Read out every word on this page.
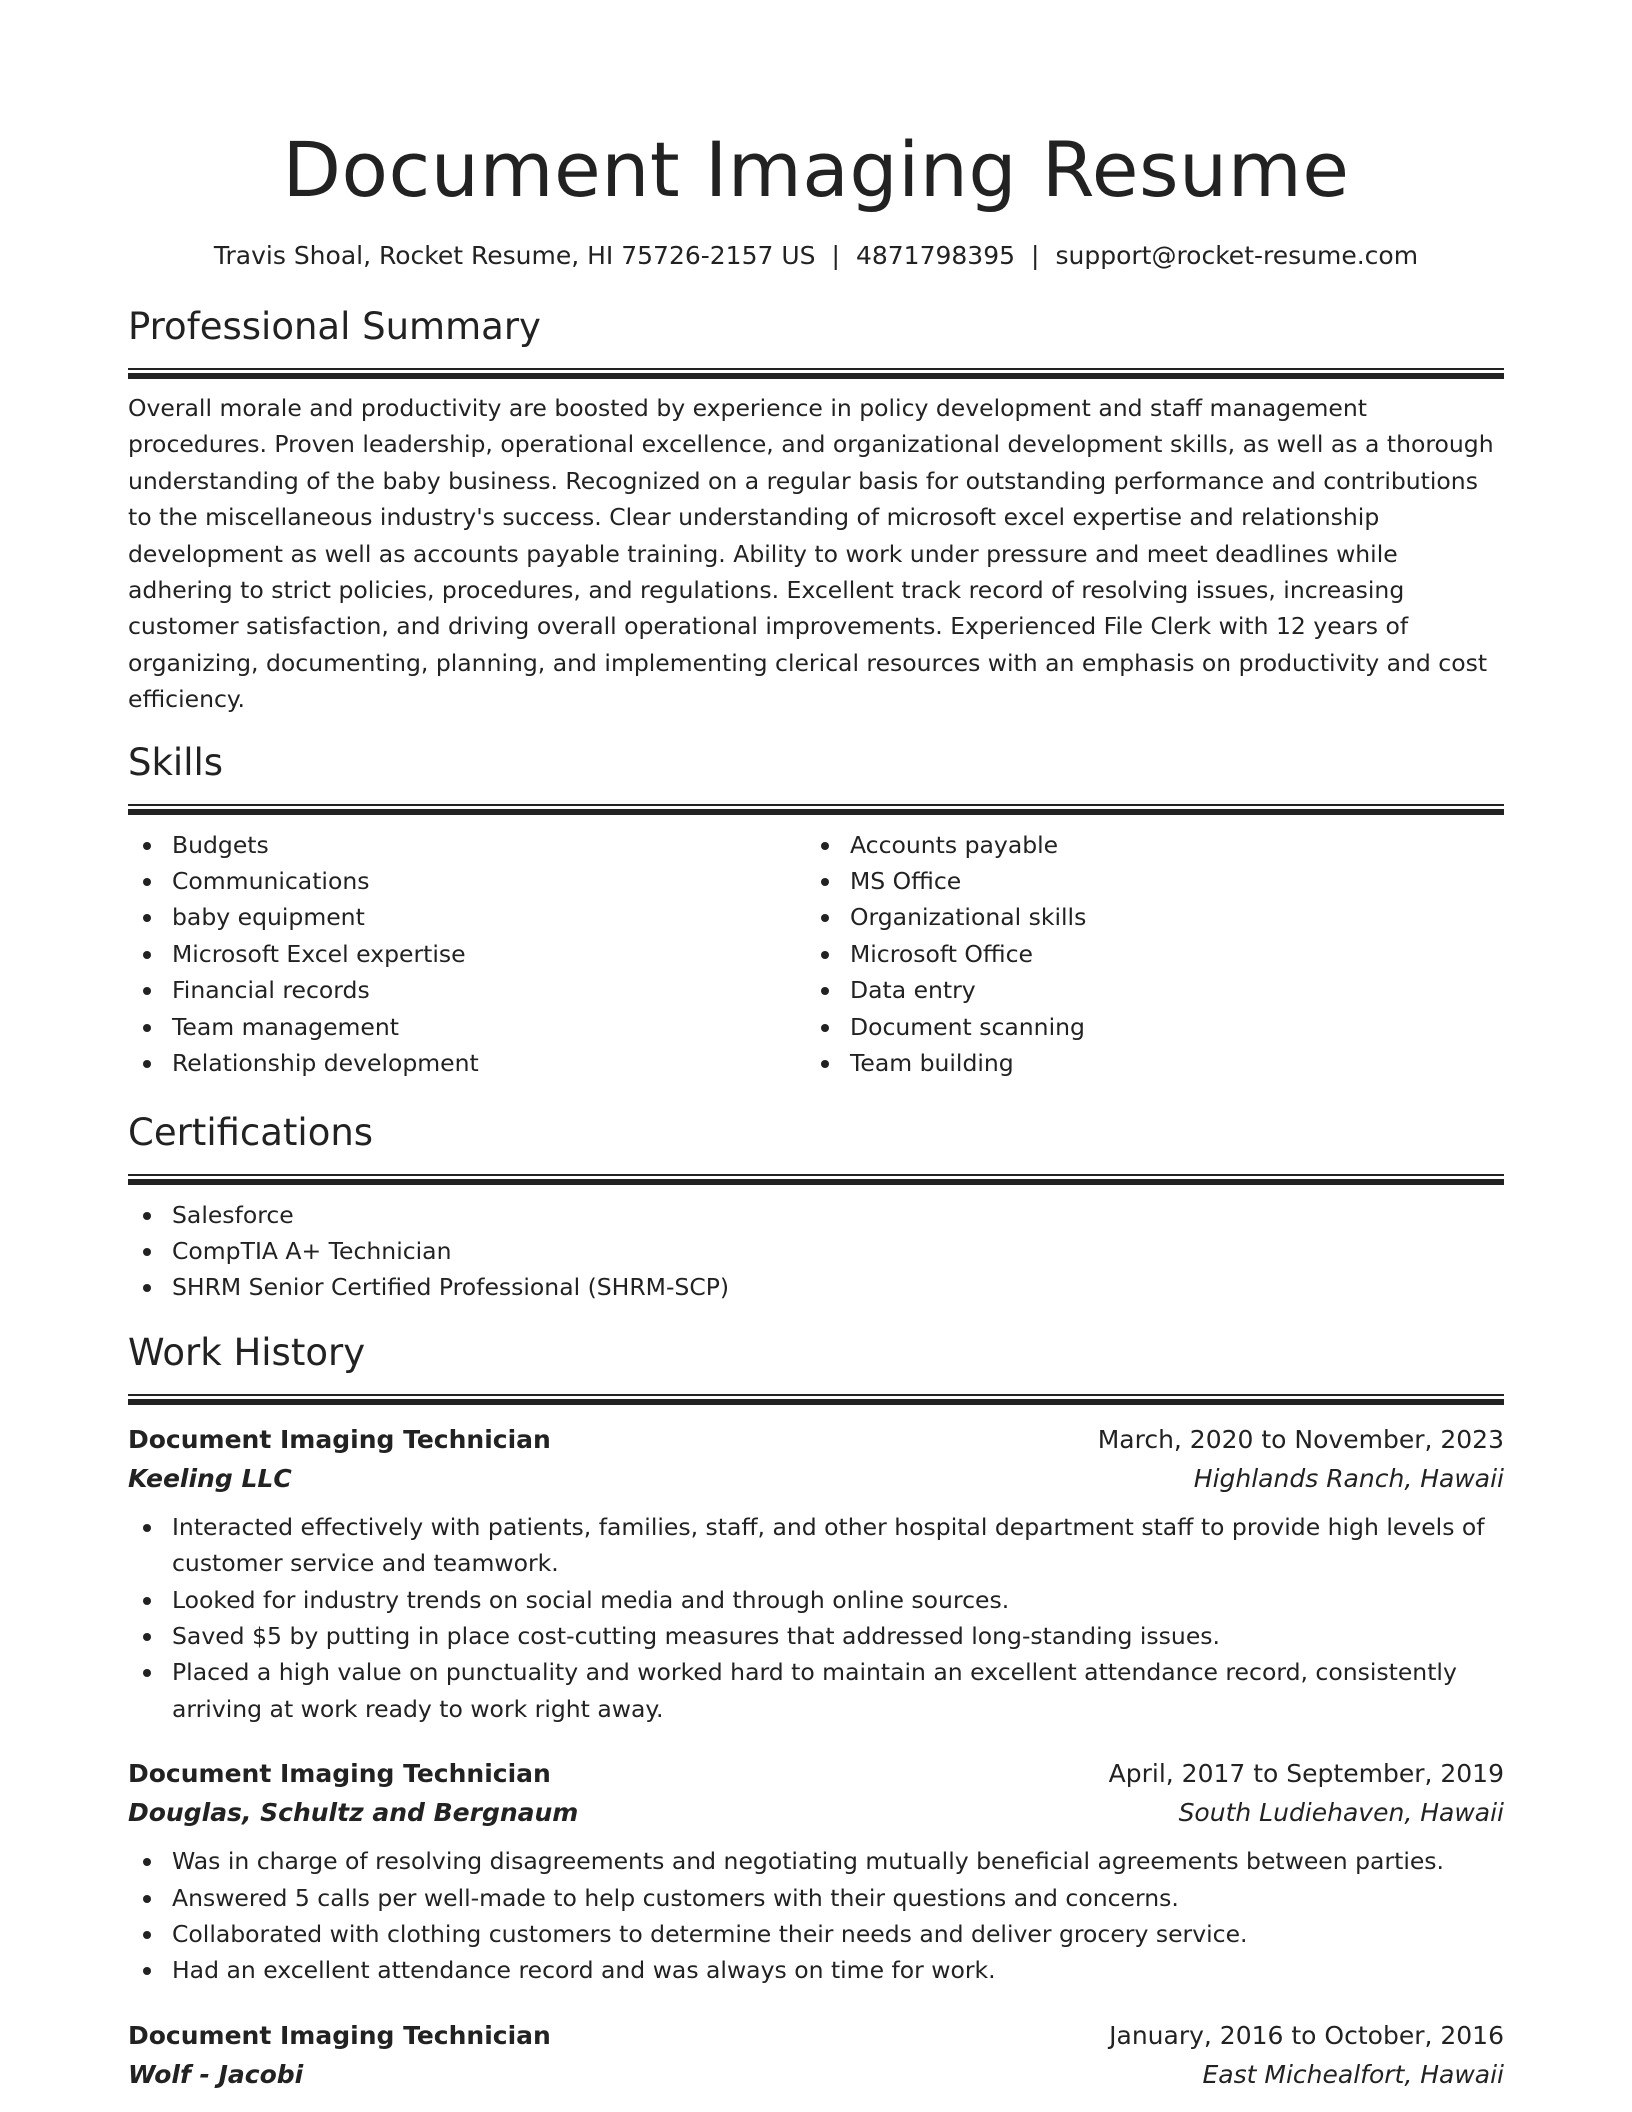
Document Imaging Resume
Travis Shoal, Rocket Resume, HI 75726-2157 US | 4871798395 | support@rocket-resume.com
Professional Summary

Overall morale and productivity are boosted by experience in policy development and staff management procedures. Proven leadership, operational excellence, and organizational development skills, as well as a thorough understanding of the baby business. Recognized on a regular basis for outstanding performance and contributions to the miscellaneous industry's success. Clear understanding of microsoft excel expertise and relationship development as well as accounts payable training. Ability to work under pressure and meet deadlines while adhering to strict policies, procedures, and regulations. Excellent track record of resolving issues, increasing customer satisfaction, and driving overall operational improvements. Experienced File Clerk with 12 years of organizing, documenting, planning, and implementing clerical resources with an emphasis on productivity and cost efficiency.

Skills
Budgets
Communications
baby equipment
Microsoft Excel expertise
Financial records
Team management
Relationship development
Accounts payable
MS Office
Organizational skills
Microsoft Office
Data entry
Document scanning
Team building
Certifications
Salesforce
CompTIA A+ Technician
SHRM Senior Certified Professional (SHRM-SCP)
Work History
Document Imaging Technician	March, 2020 to November, 2023
Keeling LLC	Highlands Ranch, Hawaii
Interacted effectively with patients, families, staff, and other hospital department staff to provide high levels of customer service and teamwork.
Looked for industry trends on social media and through online sources.
Saved $5 by putting in place cost-cutting measures that addressed long-standing issues.
Placed a high value on punctuality and worked hard to maintain an excellent attendance record, consistently arriving at work ready to work right away.
Document Imaging Technician	April, 2017 to September, 2019
Douglas, Schultz and Bergnaum	South Ludiehaven, Hawaii
Was in charge of resolving disagreements and negotiating mutually beneficial agreements between parties.
Answered 5 calls per well-made to help customers with their questions and concerns.
Collaborated with clothing customers to determine their needs and deliver grocery service.
Had an excellent attendance record and was always on time for work.
Document Imaging Technician	January, 2016 to October, 2016
Wolf - Jacobi	East Michealfort, Hawaii
